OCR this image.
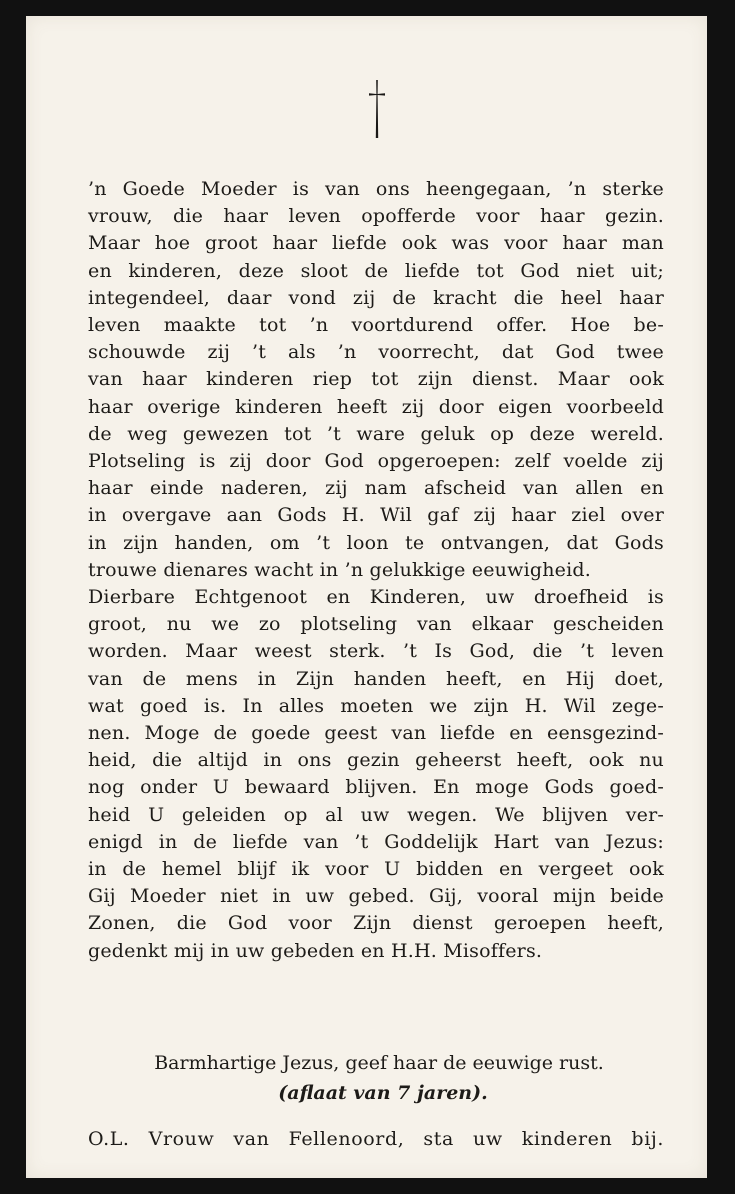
’n Goede Moeder is van ons heengegaan, ’n sterke
vrouw, die haar leven opofferde voor haar gezin.
Maar hoe groot haar liefde ook was voor haar man
en kinderen, deze sloot de liefde tot God niet uit;
integendeel, daar vond zij de kracht die heel haar
leven maakte tot ’n voortdurend offer. Hoe be-
schouwde zij ’t als ’n voorrecht, dat God twee
van haar kinderen riep tot zijn dienst. Maar ook
haar overige kinderen heeft zij door eigen voorbeeld
de weg gewezen tot ’t ware geluk op deze wereld.
Plotseling is zij door God opgeroepen: zelf voelde zij
haar einde naderen, zij nam afscheid van allen en
in overgave aan Gods H. Wil gaf zij haar ziel over
in zijn handen, om ’t loon te ontvangen, dat Gods
trouwe dienares wacht in ’n gelukkige eeuwigheid.
Dierbare Echtgenoot en Kinderen, uw droefheid is
groot, nu we zo plotseling van elkaar gescheiden
worden. Maar weest sterk. ’t Is God, die ’t leven
van de mens in Zijn handen heeft, en Hij doet,
wat goed is. In alles moeten we zijn H. Wil zege-
nen. Moge de goede geest van liefde en eensgezind-
heid, die altijd in ons gezin geheerst heeft, ook nu
nog onder U bewaard blijven. En moge Gods goed-
heid U geleiden op al uw wegen. We blijven ver-
enigd in de liefde van ’t Goddelijk Hart van Jezus:
in de hemel blijf ik voor U bidden en vergeet ook
Gij Moeder niet in uw gebed. Gij, vooral mijn beide
Zonen, die God voor Zijn dienst geroepen heeft,
gedenkt mij in uw gebeden en H.H. Misoffers.

Barmhartige Jezus, geef haar de eeuwige rust.

(aflaat van 7 jaren).

O.L. Vrouw van Fellenoord, sta uw kinderen bij.
